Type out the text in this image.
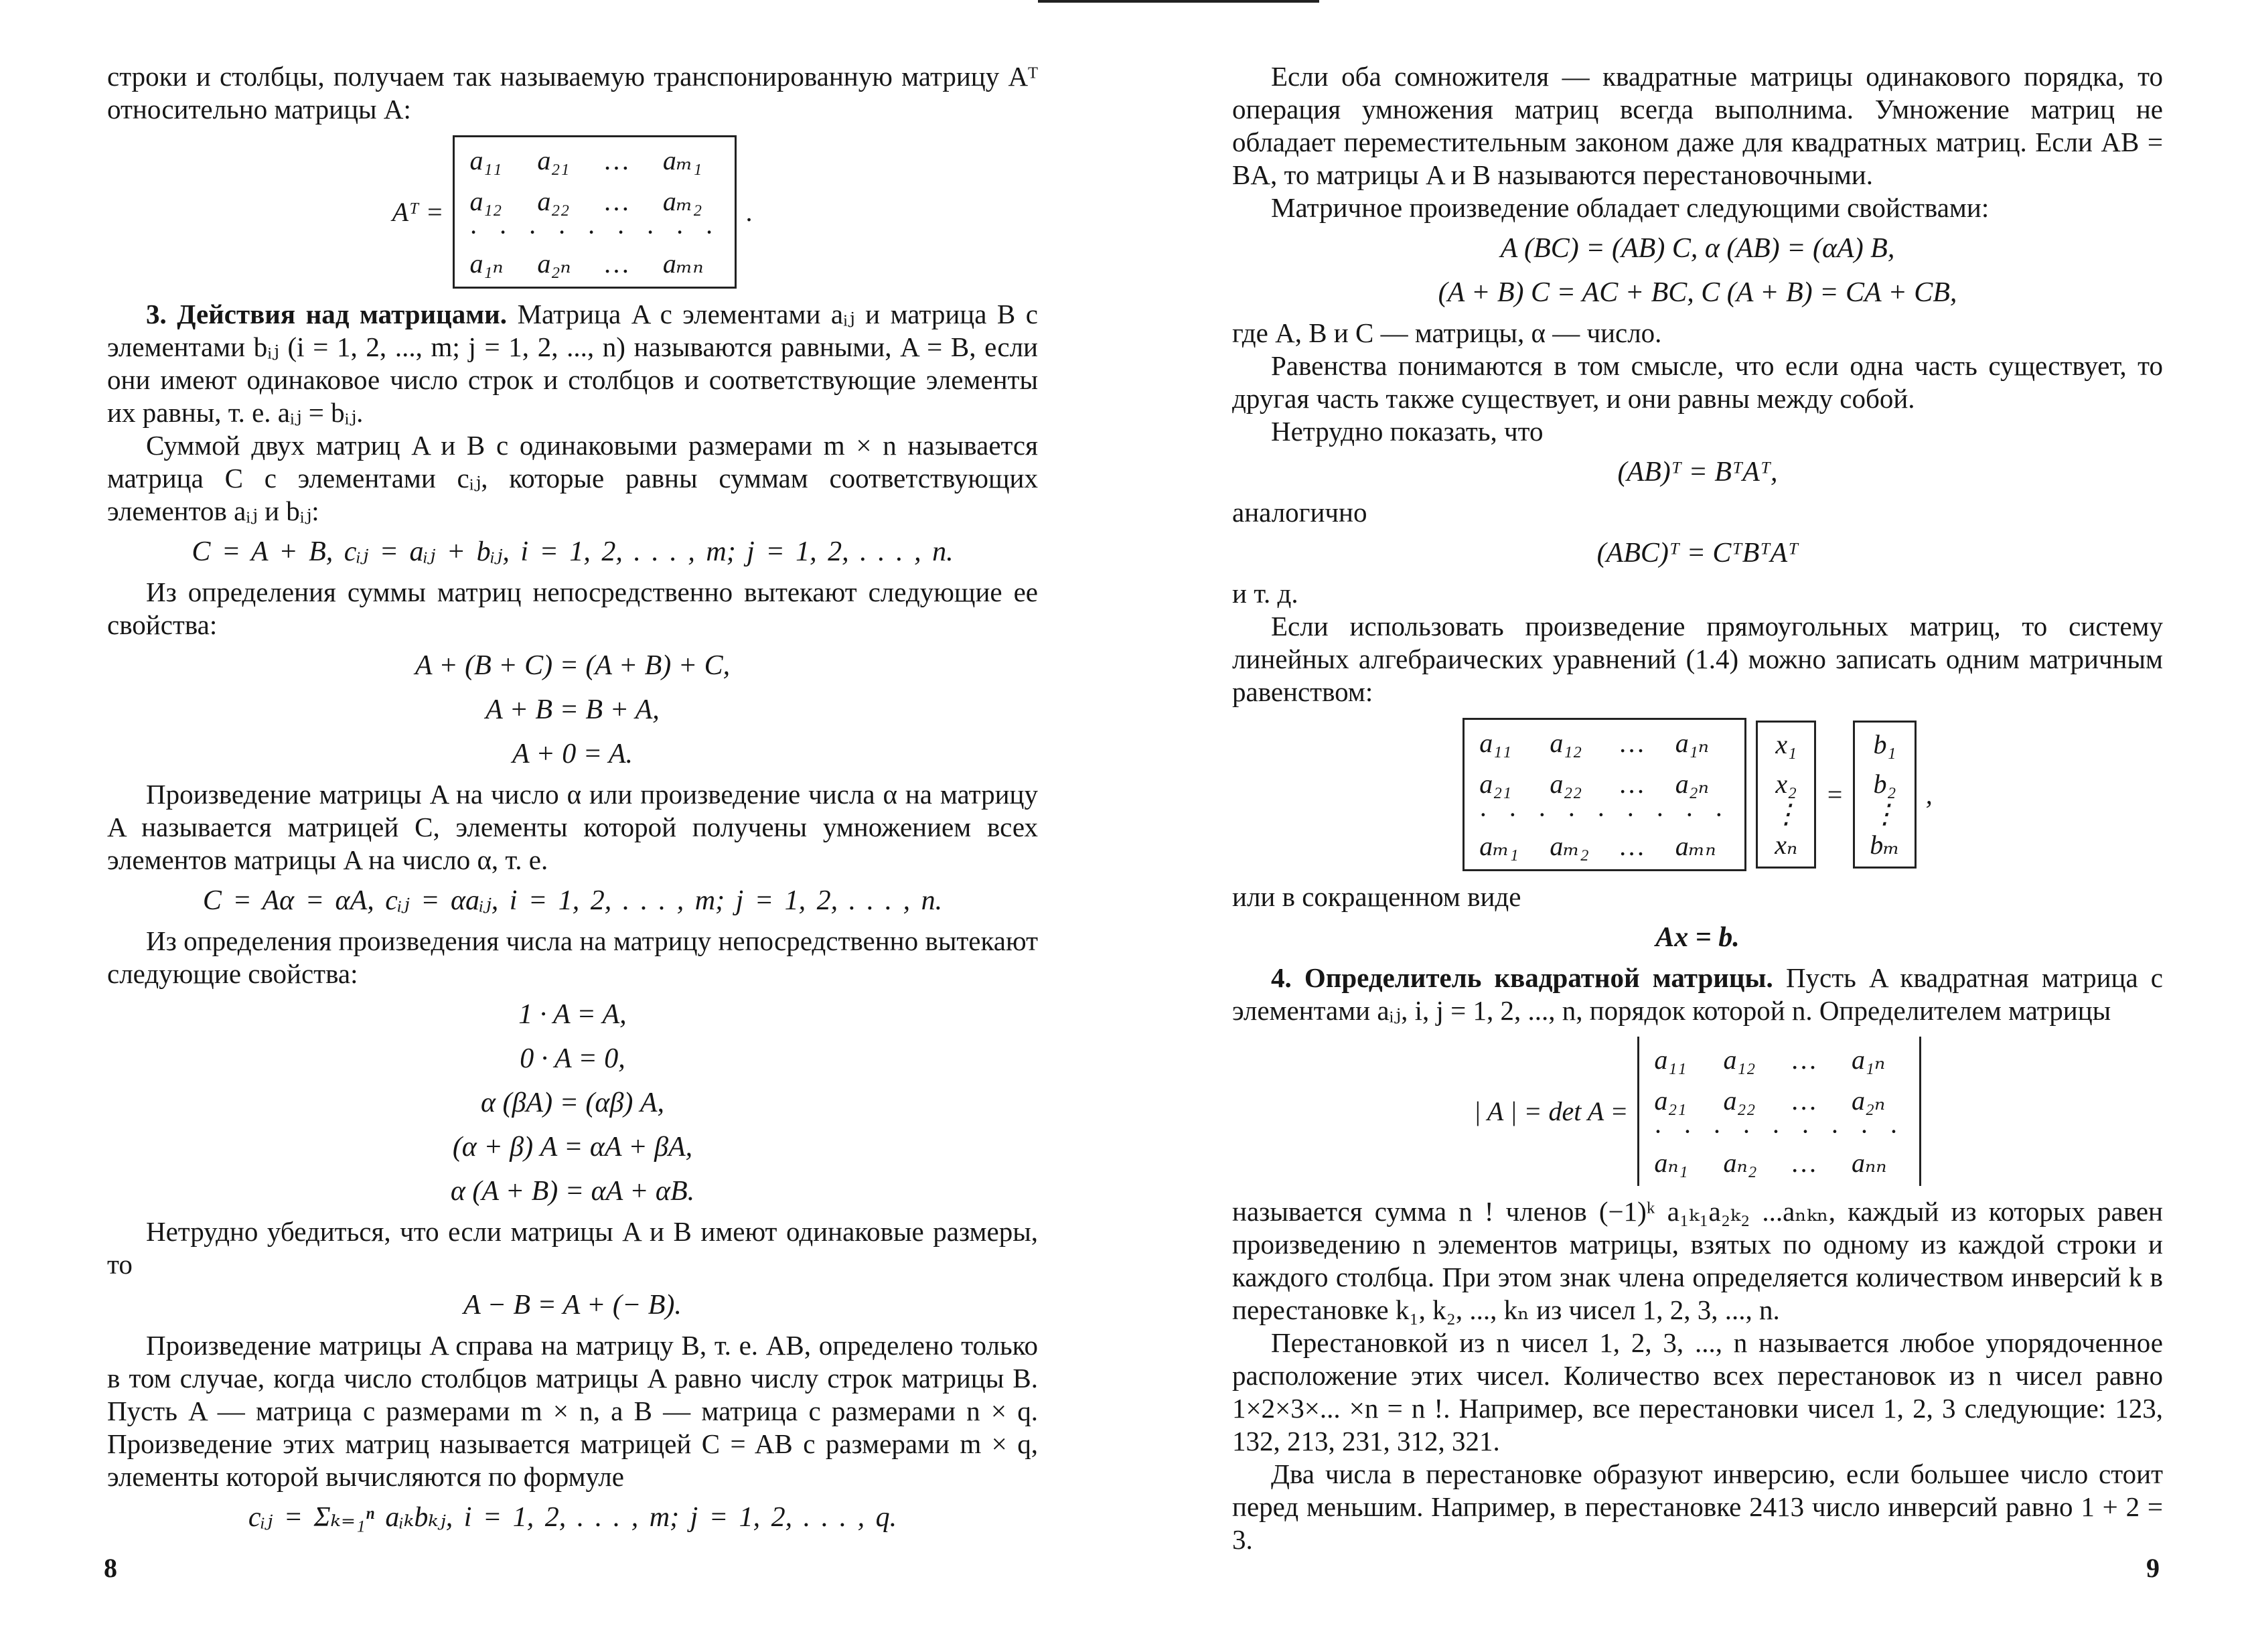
строки и столбцы, получаем так называемую транспонированную матрицу Aᵀ относительно матрицы A:

Aᵀ =
a₁₁	a₂₁	…	aₘ₁
a₁₂	a₂₂	…	aₘ₂
· · · · · · · · ·
a₁ₙ	a₂ₙ	…	aₘₙ
.

3. Действия над матрицами. Матрица A с элементами aᵢⱼ и матрица B с элементами bᵢⱼ (i = 1, 2, ..., m; j = 1, 2, ..., n) называются равными, A = B, если они имеют одинаковое число строк и столбцов и соответствующие элементы их равны, т. е. aᵢⱼ = bᵢⱼ.

Суммой двух матриц A и B с одинаковыми размерами m × n называется матрица C с элементами cᵢⱼ, которые равны суммам соответствующих элементов aᵢⱼ и bᵢⱼ:

C = A + B, cᵢⱼ = aᵢⱼ + bᵢⱼ, i = 1, 2, . . . , m; j = 1, 2, . . . , n.

Из определения суммы матриц непосредственно вытекают следующие ее свойства:

A + (B + C) = (A + B) + C,
A + B = B + A,
A + 0 = A.

Произведение матрицы A на число α или произведение числа α на матрицу A называется матрицей C, элементы которой получены умножением всех элементов матрицы A на число α, т. е.

C = Aα = αA, cᵢⱼ = αaᵢⱼ, i = 1, 2, . . . , m; j = 1, 2, . . . , n.

Из определения произведения числа на матрицу непосредственно вытекают следующие свойства:

1 · A = A,
0 · A = 0,
α (βA) = (αβ) A,
(α + β) A = αA + βA,
α (A + B) = αA + αB.

Нетрудно убедиться, что если матрицы A и B имеют одинаковые размеры, то

A − B = A + (− B).

Произведение матрицы A справа на матрицу B, т. е. AB, определено только в том случае, когда число столбцов матрицы A равно числу строк матрицы B. Пусть A — матрица с размерами m × n, а B — матрица с размерами n × q. Произведение этих матриц называется матрицей C = AB с размерами m × q, элементы которой вычисляются по формуле

cᵢⱼ = Σₖ₌₁ⁿ aᵢₖbₖⱼ, i = 1, 2, . . . , m; j = 1, 2, . . . , q.

Если оба сомножителя — квадратные матрицы одинакового порядка, то операция умножения матриц всегда выполнима. Умножение матриц не обладает переместительным законом даже для квадратных матриц. Если AB = BA, то матрицы A и B называются перестановочными.

Матричное произведение обладает следующими свойствами:

A (BC) = (AB) C, α (AB) = (αA) B,
(A + B) C = AC + BC, C (A + B) = CA + CB,

где A, B и C — матрицы, α — число.

Равенства понимаются в том смысле, что если одна часть существует, то другая часть также существует, и они равны между собой.

Нетрудно показать, что

(AB)ᵀ = BᵀAᵀ,

аналогично

(ABC)ᵀ = CᵀBᵀAᵀ

и т. д.

Если использовать произведение прямоугольных матриц, то систему линейных алгебраических уравнений (1.4) можно записать одним матричным равенством:

a₁₁	a₁₂	…	a₁ₙ
a₂₁	a₂₂	…	a₂ₙ
· · · · · · · · ·
aₘ₁	aₘ₂	…	aₘₙ
x₁
x₂
⋮
xₙ
=
b₁
b₂
⋮
bₘ
,

или в сокращенном виде

Ax = b.

4. Определитель квадратной матрицы. Пусть A квадратная матрица с элементами aᵢⱼ, i, j = 1, 2, ..., n, порядок которой n. Определителем матрицы

| A | = det A =
a₁₁	a₁₂	…	a₁ₙ
a₂₁	a₂₂	…	a₂ₙ
· · · · · · · · ·
aₙ₁	aₙ₂	…	aₙₙ

называется сумма n ! членов (−1)ᵏ a₁ₖ₁a₂ₖ₂ ...aₙₖₙ, каждый из которых равен произведению n элементов матрицы, взятых по одному из каждой строки и каждого столбца. При этом знак члена определяется количеством инверсий k в перестановке k₁, k₂, ..., kₙ из чисел 1, 2, 3, ..., n.

Перестановкой из n чисел 1, 2, 3, ..., n называется любое упорядоченное расположение этих чисел. Количество всех перестановок из n чисел равно 1×2×3×... ×n = n !. Например, все перестановки чисел 1, 2, 3 следующие: 123, 132, 213, 231, 312, 321.

Два числа в перестановке образуют инверсию, если большее число стоит перед меньшим. Например, в перестановке 2413 число инверсий равно 1 + 2 = 3.

8	9
